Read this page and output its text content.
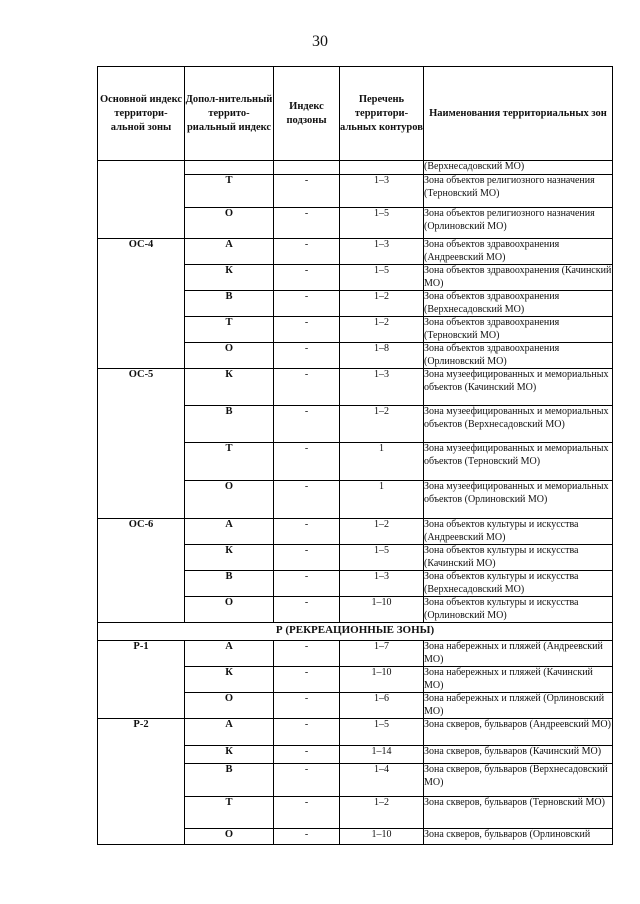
30
Основной индекс территори-альной зоны	Допол-нительный террито-риальный индекс	Индекс подзоны	Перечень территори-альных контуров	Наименования территориальных зон
				(Верхнесадовский МО)
	Т	-	1–3	Зона объектов религиозного назначения (Терновский МО)
	О	-	1–5	Зона объектов религиозного назначения (Орлиновский МО)
ОС-4	А	-	1–3	Зона объектов здравоохранения (Андреевский МО)
	К	-	1–5	Зона объектов здравоохранения (Качинский МО)
	В	-	1–2	Зона объектов здравоохранения (Верхнесадовский МО)
	Т	-	1–2	Зона объектов здравоохранения (Терновский МО)
	О	-	1–8	Зона объектов здравоохранения (Орлиновский МО)
ОС-5	К	-	1–3	Зона музеефицированных и мемориальных объектов (Качинский МО)
	В	-	1–2	Зона музеефицированных и мемориальных объектов (Верхнесадовский МО)
	Т	-	1	Зона музеефицированных и мемориальных объектов (Терновский МО)
	О	-	1	Зона музеефицированных и мемориальных объектов (Орлиновский МО)
ОС-6	А	-	1–2	Зона объектов культуры и искусства (Андреевский МО)
	К	-	1–5	Зона объектов культуры и искусства (Качинский МО)
	В	-	1–3	Зона объектов культуры и искусства (Верхнесадовский МО)
	О	-	1–10	Зона объектов культуры и искусства (Орлиновский МО)
Р (РЕКРЕАЦИОННЫЕ ЗОНЫ)				
Р-1	А	-	1–7	Зона набережных и пляжей (Андреевский МО)
	К	-	1–10	Зона набережных и пляжей (Качинский МО)
	О	-	1–6	Зона набережных и пляжей (Орлиновский МО)
Р-2	А	-	1–5	Зона скверов, бульваров (Андреевский МО)
	К	-	1–14	Зона скверов, бульваров (Качинский МО)
	В	-	1–4	Зона скверов, бульваров (Верхнесадовский МО)
	Т	-	1–2	Зона скверов, бульваров (Терновский МО)
	О	-	1–10	Зона скверов, бульваров (Орлиновский
